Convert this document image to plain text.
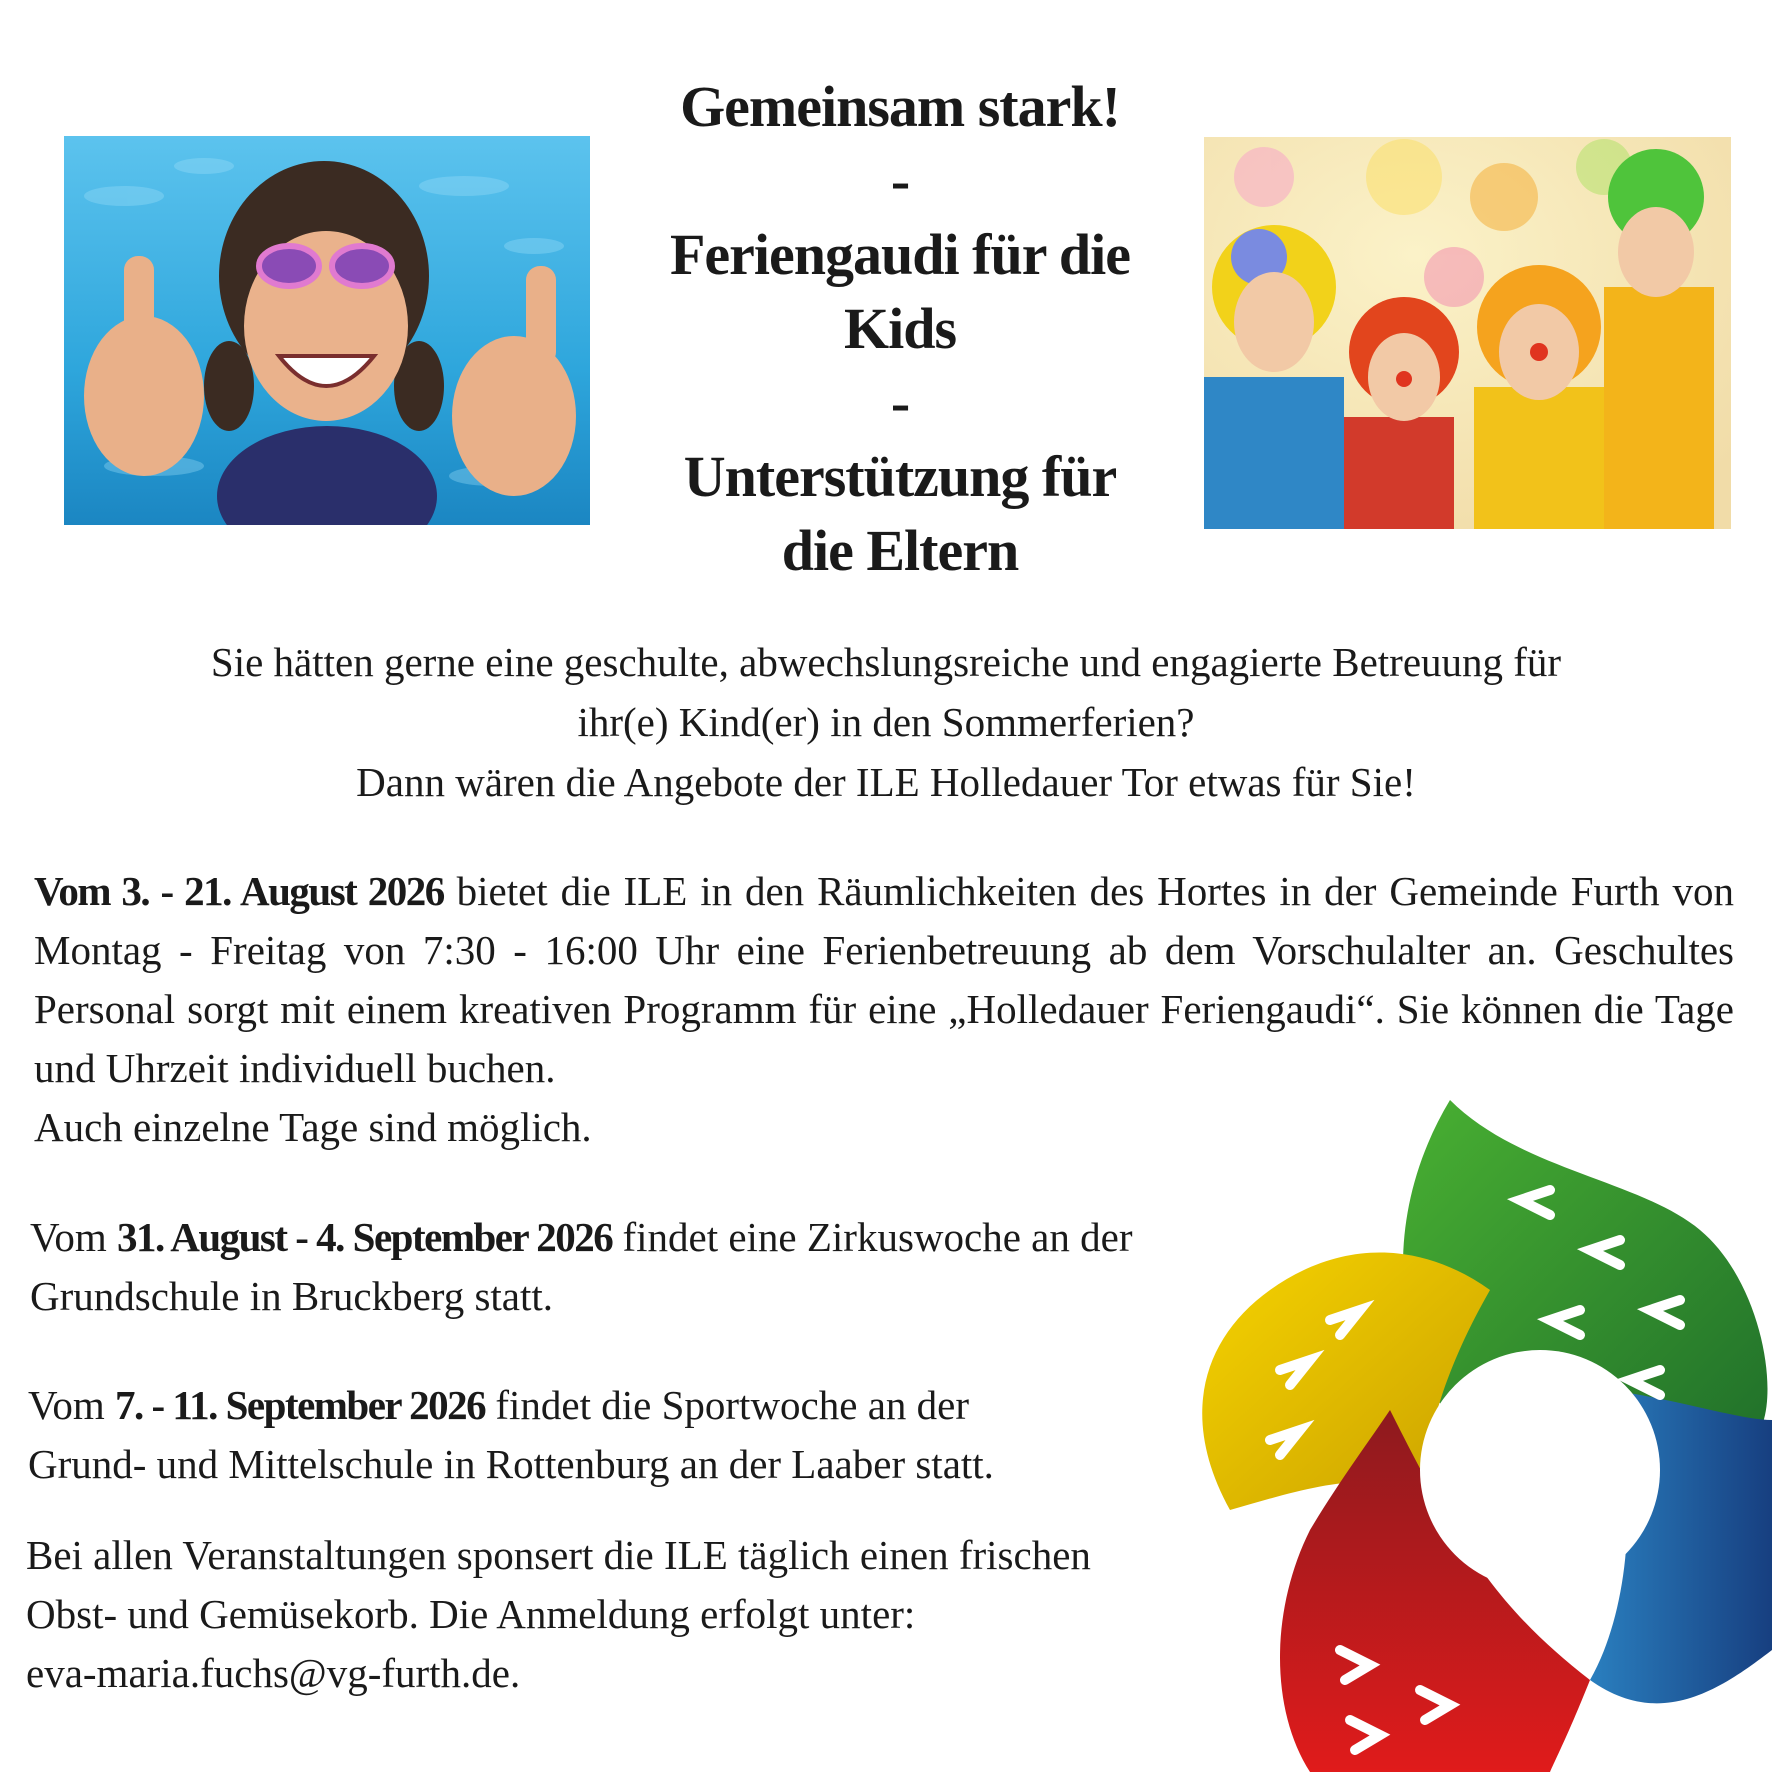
Gemeinsam stark!
-
Feriengaudi für die
Kids
-
Unterstützung für
die Eltern
Sie hätten gerne eine geschulte, abwechslungsreiche und engagierte Betreuung für
ihr(e) Kind(er) in den Sommerferien?
Dann wären die Angebote der ILE Holledauer Tor etwas für Sie!
Vom 3. - 21. August 2026 bietet die ILE in den Räumlichkeiten des Hortes in der Gemeinde Furth von Montag - Freitag von 7:30 - 16:00 Uhr eine Ferienbetreuung ab dem Vorschulalter an. Geschultes Personal sorgt mit einem kreativen Programm für eine „Holledauer Feriengaudi“. Sie können die Tage und Uhrzeit individuell buchen.
Auch einzelne Tage sind möglich.
Vom 31. August - 4. September 2026 findet eine Zirkuswoche an der
Grundschule in Bruckberg statt.
Vom 7. - 11. September 2026 findet die Sportwoche an der
Grund- und Mittelschule in Rottenburg an der Laaber statt.
Bei allen Veranstaltungen sponsert die ILE täglich einen frischen
Obst- und Gemüsekorb. Die Anmeldung erfolgt unter:
eva-maria.fuchs@vg-furth.de.
